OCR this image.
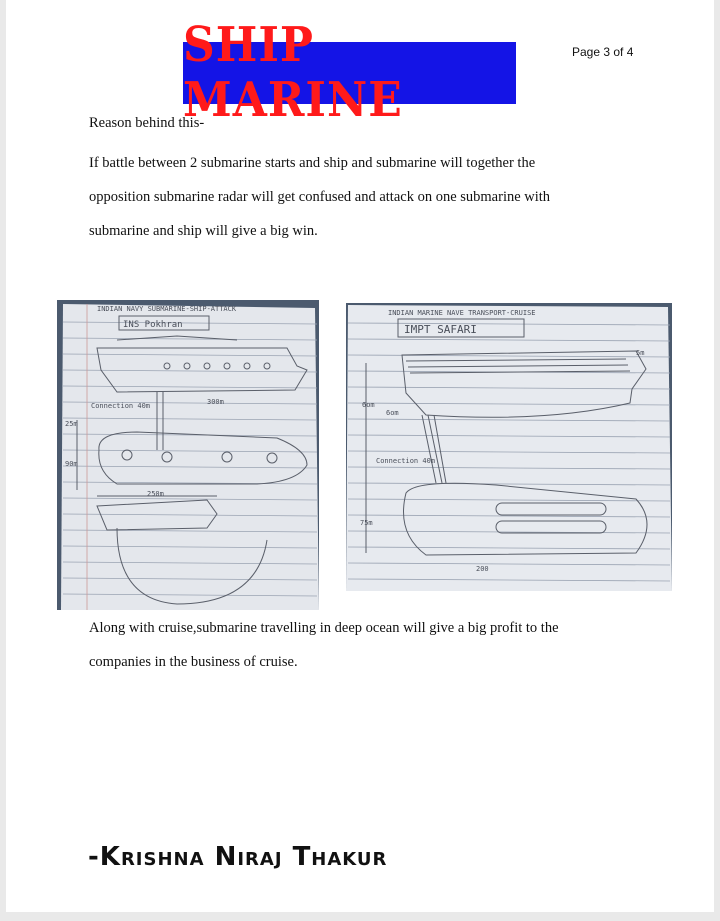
SHIP MARINE
Page 3 of 4
Reason behind this-
If battle between 2 submarine starts and ship and submarine will together the
opposition submarine radar will get confused and attack on one submarine with
submarine and ship will give a big win.
INDIAN NAVY SUBMARINE-SHIP-ATTACK
INS Pokhran
25m
90m
300m
250m
Connection 40m
INDIAN MARINE NAVE TRANSPORT-CRUISE
IMPT SAFARI
5m
6om
6om
Connection 40m
75m
200
Along with cruise,submarine travelling in deep ocean will give a big profit to the
companies in the business of cruise.
-Krishna Niraj Thakur
